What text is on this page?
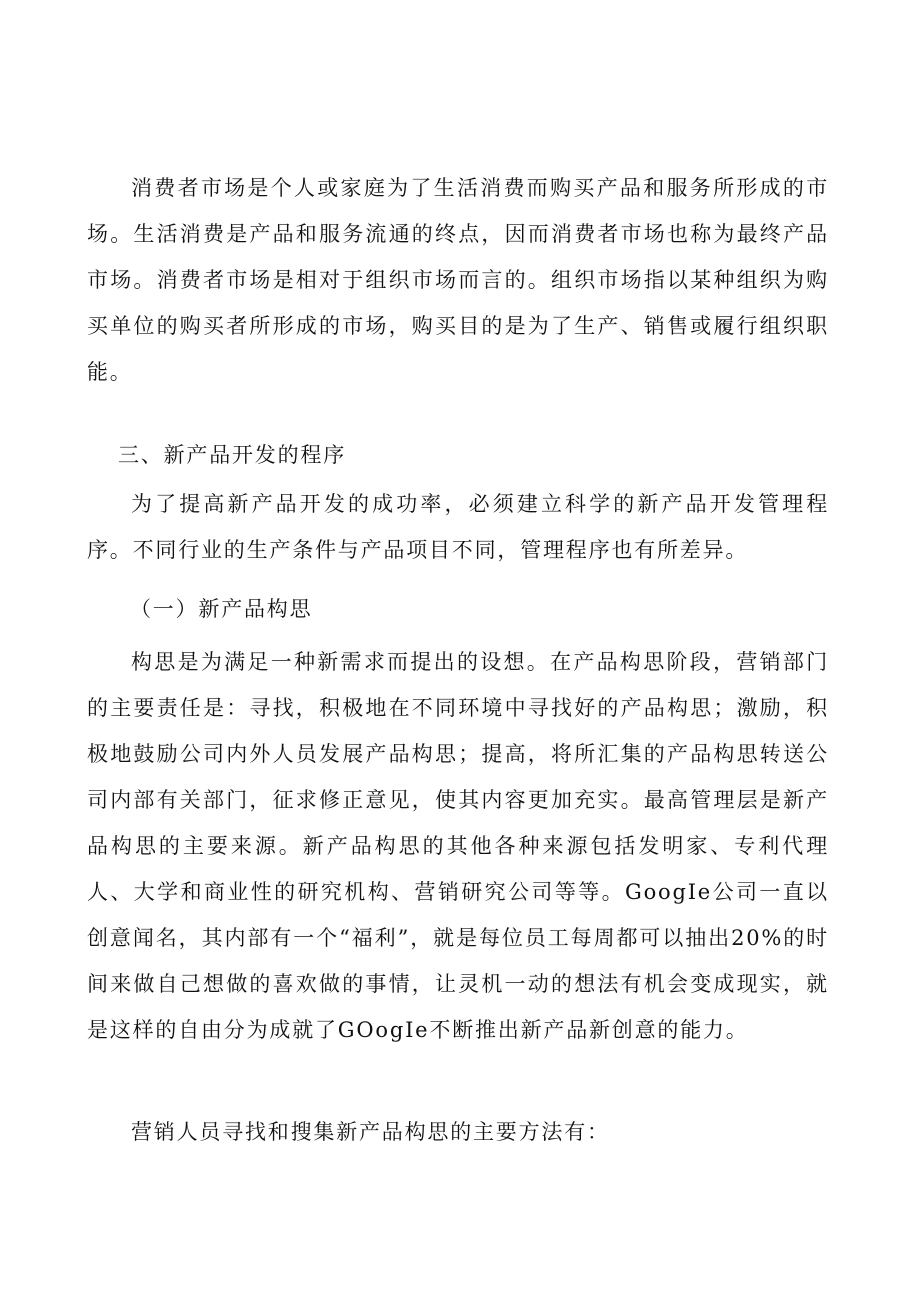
消费者市场是个人或家庭为了生活消费而购买产品和服务所形成的市场。生活消费是产品和服务流通的终点，因而消费者市场也称为最终产品市场。消费者市场是相对于组织市场而言的。组织市场指以某种组织为购买单位的购买者所形成的市场，购买目的是为了生产、销售或履行组织职能。

三、新产品开发的程序

为了提高新产品开发的成功率，必须建立科学的新产品开发管理程序。不同行业的生产条件与产品项目不同，管理程序也有所差异。

（一）新产品构思

构思是为满足一种新需求而提出的设想。在产品构思阶段，营销部门的主要责任是：寻找，积极地在不同环境中寻找好的产品构思；激励，积极地鼓励公司内外人员发展产品构思；提高，将所汇集的产品构思转送公司内部有关部门，征求修正意见，使其内容更加充实。最高管理层是新产品构思的主要来源。新产品构思的其他各种来源包括发明家、专利代理人、大学和商业性的研究机构、营销研究公司等等。GoogIe公司一直以创意闻名，其内部有一个“福利”，就是每位员工每周都可以抽出20%的时间来做自己想做的喜欢做的事情，让灵机一动的想法有机会变成现实，就是这样的自由分为成就了GOogIe不断推出新产品新创意的能力。

营销人员寻找和搜集新产品构思的主要方法有：
